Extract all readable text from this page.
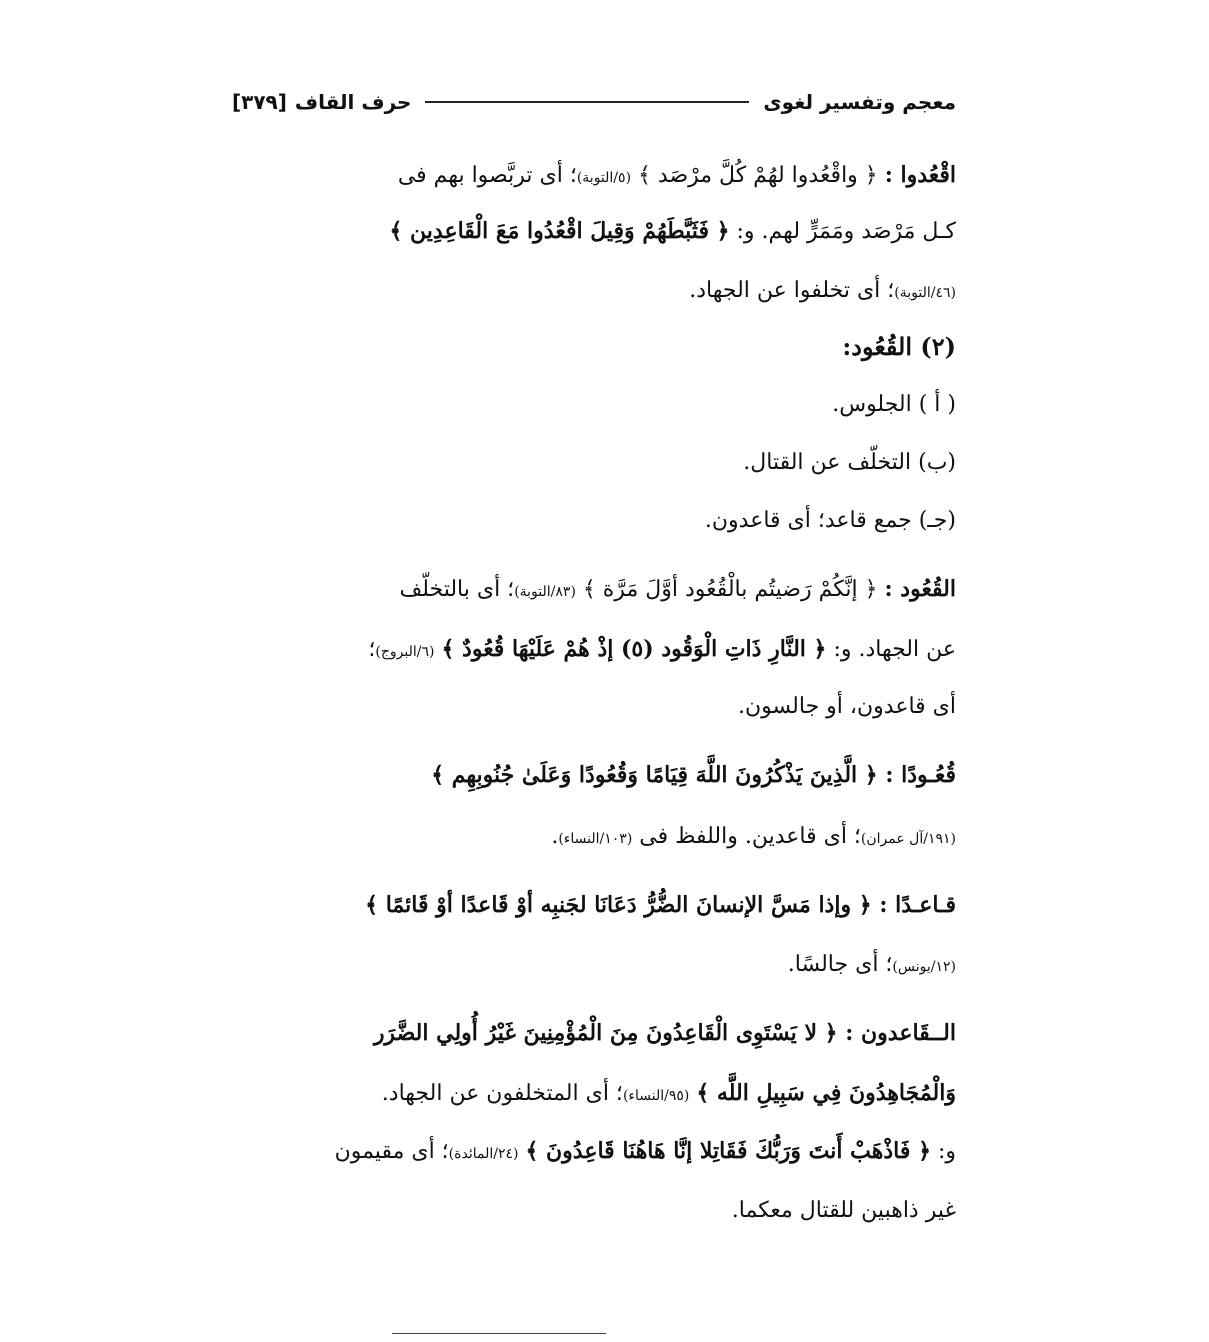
معجم وتفسير لغوى
حرف القاف
[٣٧٩]
اقْعُدوا : ﴿ واقْعُدوا لهُمْ كُلَّ مرْصَد ﴾ (٥/التوبة)؛ أى تربَّصوا بهم فى
كـل مَرْصَد ومَمَرٍّ لهم. و: ﴿ فَثَبَّطَهُمْ وَقِيلَ اقْعُدُوا مَعَ الْقَاعِدِين ﴾
(٤٦/التوبة)؛ أى تخلفوا عن الجهاد.
(٢) القُعُود:
( أ ) الجلوس.
(ب) التخلّف عن القتال.
(جـ) جمع قاعد؛ أى قاعدون.
القُعُود : ﴿ إنَّكُمْ رَضيتُم بالْقُعُود أوَّلَ مَرَّة ﴾ (٨٣/التوبة)؛ أى بالتخلّف
عن الجهاد. و: ﴿ النَّارِ ذَاتِ الْوَقُود (٥) إذْ هُمْ عَلَيْهَا قُعُودٌ ﴾ (٦/البروج)؛
أى قاعدون، أو جالسون.
قُعُـودًا : ﴿ الَّذِينَ يَذْكُرُونَ اللَّهَ قِيَامًا وَقُعُودًا وَعَلَىٰ جُنُوبِهِم ﴾
(١٩١/آل عمران)؛ أى قاعدين. واللفظ فى (١٠٣/النساء).
قـاعـدًا : ﴿ وإذا مَسَّ الإنسانَ الضُّرُّ دَعَانَا لجَنبِه أوْ قَاعدًا أوْ قَائمًا ﴾
(١٢/يونس)؛ أى جالسًا.
الــقَاعدون : ﴿ لا يَسْتَوِى الْقَاعِدُونَ مِنَ الْمُؤْمِنِينَ غَيْرُ أُولِي الضَّرَر
وَالْمُجَاهِدُونَ فِي سَبِيلِ اللَّه ﴾ (٩٥/النساء)؛ أى المتخلفون عن الجهاد.
و: ﴿ فَاذْهَبْ أَنتَ وَرَبُّكَ فَقَاتِلا إنَّا هَاهُنَا قَاعِدُونَ ﴾ (٢٤/المائدة)؛ أى مقيمون
غير ذاهبين للقتال معكما.
